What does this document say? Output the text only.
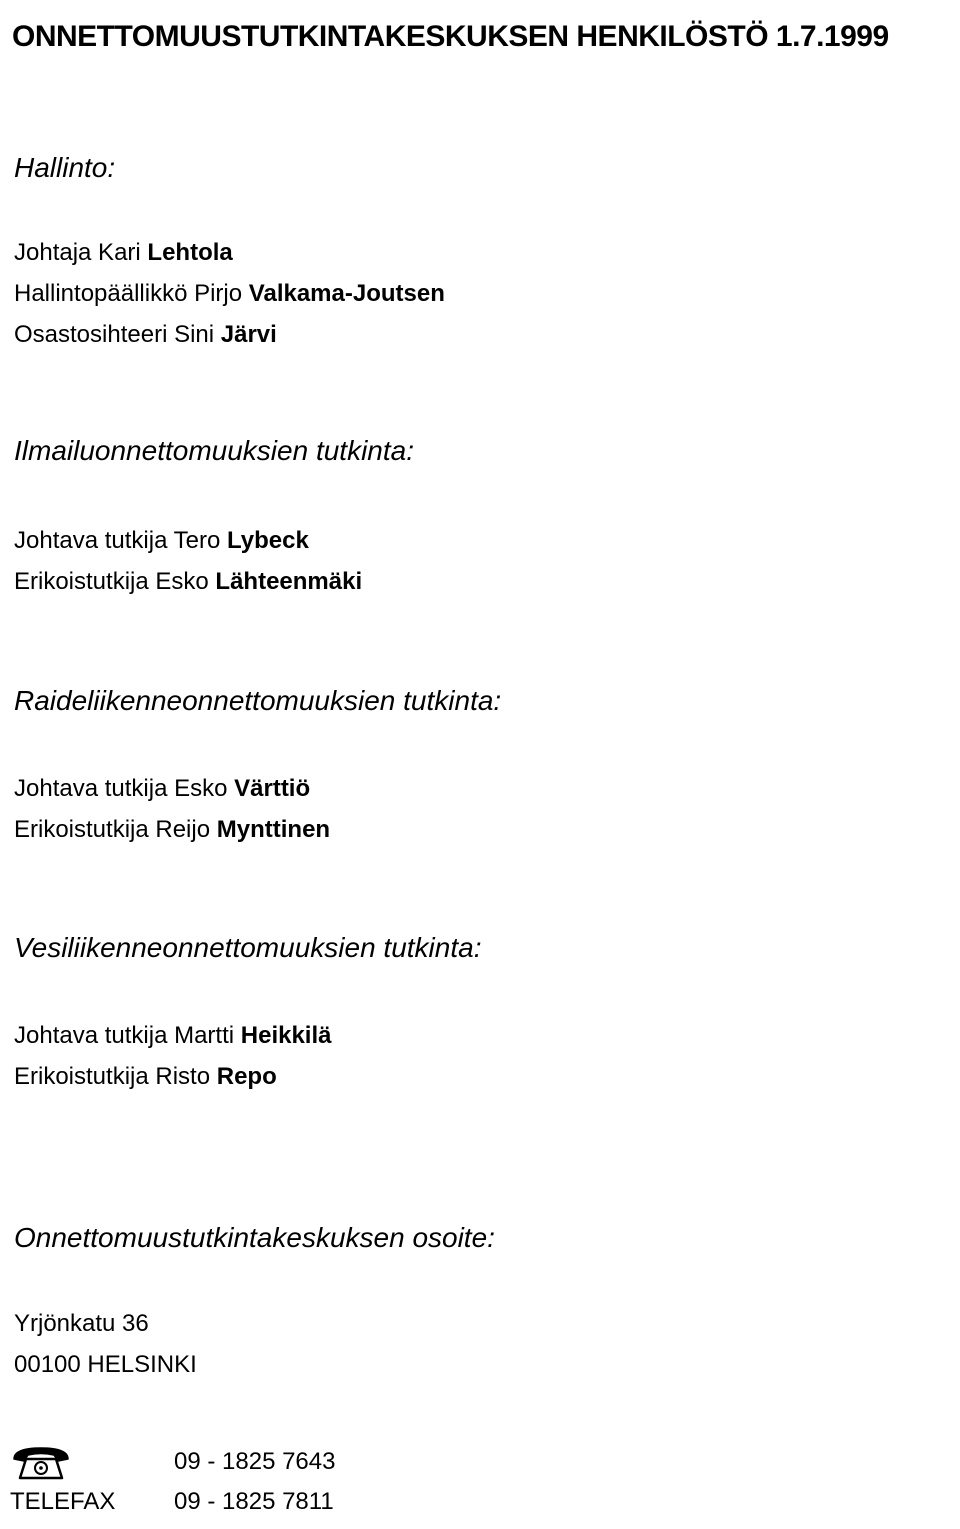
ONNETTOMUUSTUTKINTAKESKUKSEN HENKILÖSTÖ 1.7.1999
Hallinto:
Johtaja Kari Lehtola
Hallintopäällikkö Pirjo Valkama-Joutsen
Osastosihteeri Sini Järvi
Ilmailuonnettomuuksien tutkinta:
Johtava tutkija Tero Lybeck
Erikoistutkija Esko Lähteenmäki
Raideliikenneonnettomuuksien tutkinta:
Johtava tutkija Esko Värttiö
Erikoistutkija Reijo Mynttinen
Vesiliikenneonnettomuuksien tutkinta:
Johtava tutkija Martti Heikkilä
Erikoistutkija Risto Repo
Onnettomuustutkintakeskuksen osoite:
Yrjönkatu 36
00100 HELSINKI
09 - 1825 7643
TELEFAX 09 - 1825 7811
